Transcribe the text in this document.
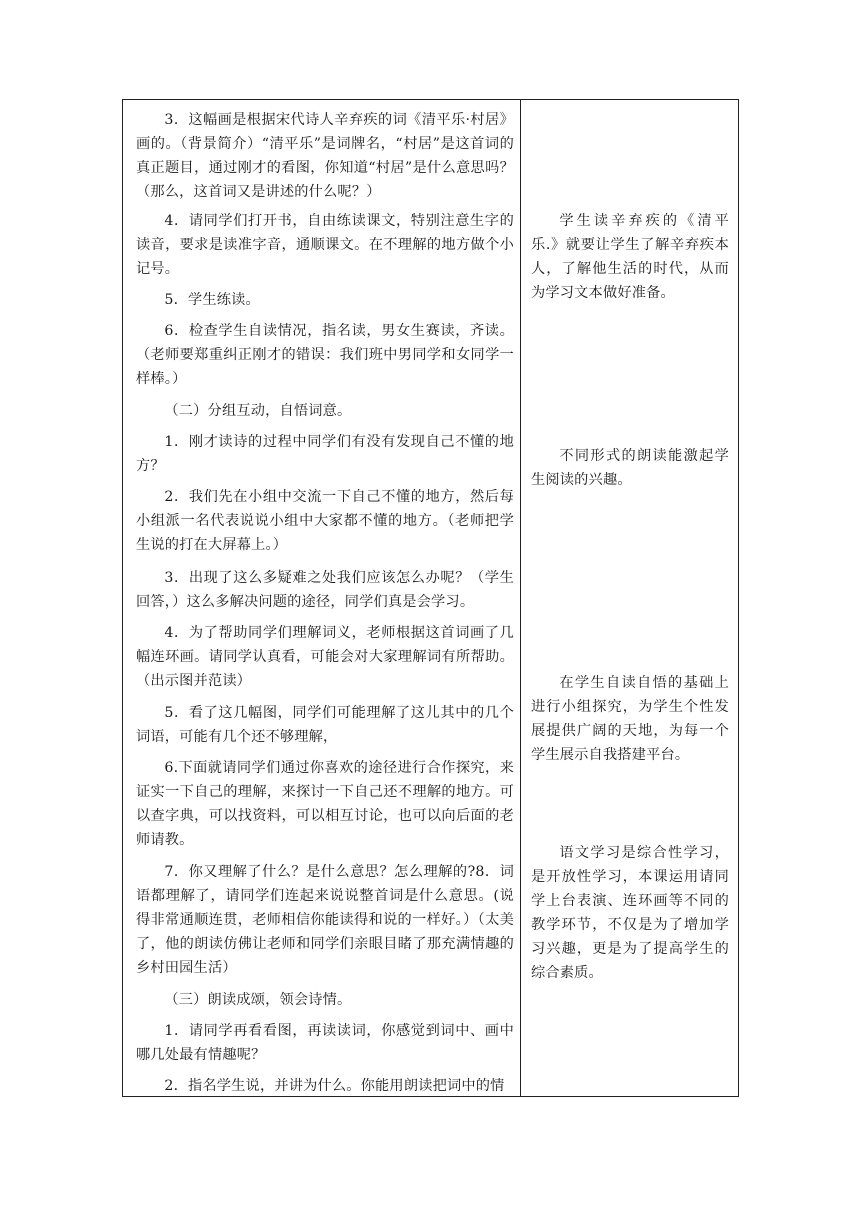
3．这幅画是根据宋代诗人辛弃疾的词《清平乐·村居》画的。（背景简介）“清平乐”是词牌名，“村居”是这首词的真正题目，通过刚才的看图，你知道“村居”是什么意思吗？（那么，这首词又是讲述的什么呢？）

4．请同学们打开书，自由练读课文，特别注意生字的读音，要求是读准字音，通顺课文。在不理解的地方做个小记号。

5．学生练读。

6．检查学生自读情况，指名读，男女生赛读，齐读。（老师要郑重纠正刚才的错误：我们班中男同学和女同学一样棒。）

（二）分组互动，自悟词意。

1．刚才读诗的过程中同学们有没有发现自己不懂的地方？

2．我们先在小组中交流一下自己不懂的地方，然后每小组派一名代表说说小组中大家都不懂的地方。（老师把学生说的打在大屏幕上。）

3．出现了这么多疑难之处我们应该怎么办呢？（学生回答，）这么多解决问题的途径，同学们真是会学习。

4．为了帮助同学们理解词义，老师根据这首词画了几幅连环画。请同学认真看，可能会对大家理解词有所帮助。（出示图并范读）

5．看了这几幅图，同学们可能理解了这儿其中的几个词语，可能有几个还不够理解，

6.下面就请同学们通过你喜欢的途径进行合作探究，来证实一下自己的理解，来探讨一下自己还不理解的地方。可以查字典，可以找资料，可以相互讨论，也可以向后面的老师请教。

7．你又理解了什么？是什么意思？怎么理解的?8．词语都理解了，请同学们连起来说说整首词是什么意思。(说得非常通顺连贯，老师相信你能读得和说的一样好。）（太美了，他的朗读仿佛让老师和同学们亲眼目睹了那充满情趣的乡村田园生活）

（三）朗读成颂，领会诗情。

1．请同学再看看图，再读读词，你感觉到词中、画中哪几处最有情趣呢？

2．指名学生说，并讲为什么。你能用朗读把词中的情

学生读辛弃疾的《清平乐.》就要让学生了解辛弃疾本人，了解他生活的时代，从而为学习文本做好准备。

不同形式的朗读能激起学生阅读的兴趣。

在学生自读自悟的基础上进行小组探究，为学生个性发展提供广阔的天地，为每一个学生展示自我搭建平台。

语文学习是综合性学习，是开放性学习，本课运用请同学上台表演、连环画等不同的教学环节，不仅是为了增加学习兴趣，更是为了提高学生的综合素质。
